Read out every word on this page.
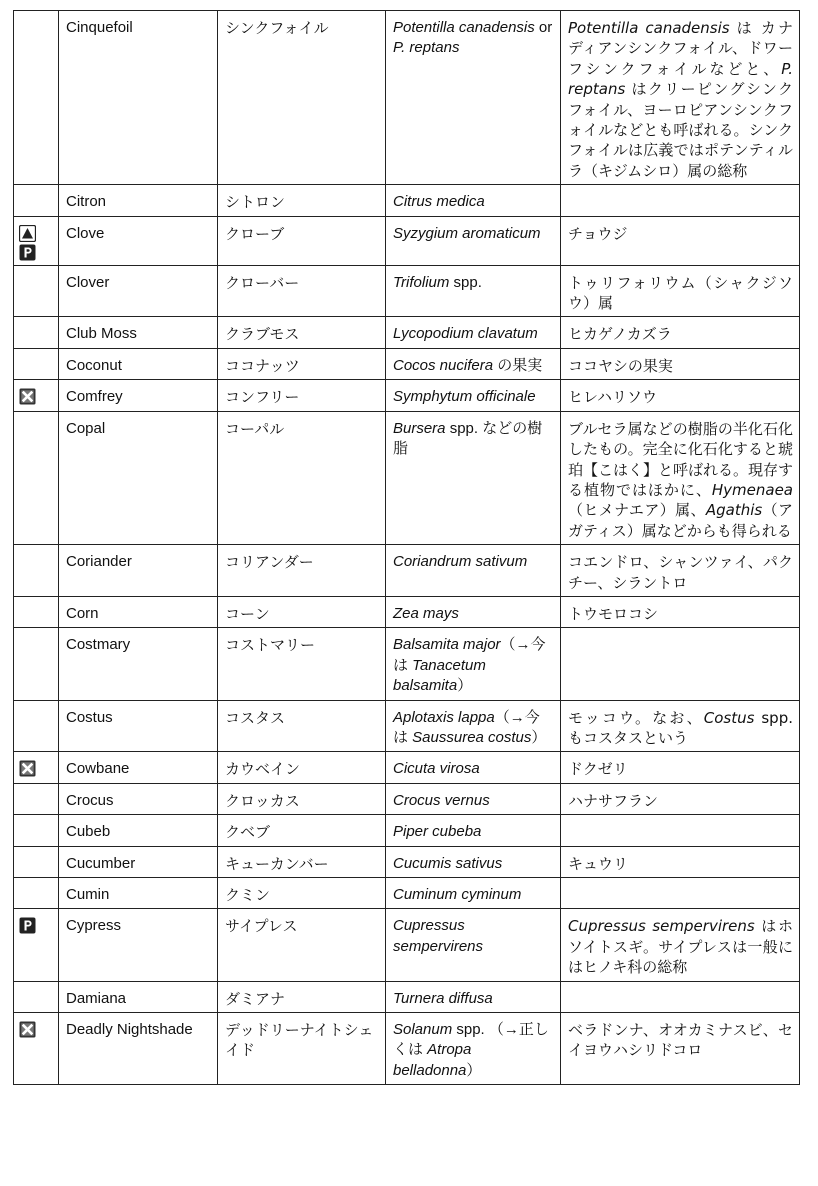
	Cinquefoil	シンクフォイル	Potentilla canadensis or P. reptans	Potentilla canadensis は カナディアンシンクフォイル、ドワーフシンクフォイルなどと、P. reptans はクリーピングシンクフォイル、ヨーロピアンシンクフォイルなどとも呼ばれる。シンクフォイルは広義ではポテンティルラ（キジムシロ）属の総称
	Citron	シトロン	Citrus medica	

	Clove	クローブ	Syzygium aromaticum	チョウジ
	Clover	クローバー	Trifolium spp.	トゥリフォリウム（シャクジソウ）属
	Club Moss	クラブモス	Lycopodium clavatum	ヒカゲノカズラ
	Coconut	ココナッツ	Cocos nucifera の果実	ココヤシの果実

	Comfrey	コンフリー	Symphytum officinale	ヒレハリソウ
	Copal	コーパル	Bursera spp. などの樹脂	ブルセラ属などの樹脂の半化石化したもの。完全に化石化すると琥珀【こはく】と呼ばれる。現存する植物ではほかに、Hymenaea（ヒメナエア）属、Agathis（アガティス）属などからも得られる
	Coriander	コリアンダー	Coriandrum sativum	コエンドロ、シャンツァイ、パクチー、シラントロ
	Corn	コーン	Zea mays	トウモロコシ
	Costmary	コストマリー	Balsamita major（→今は Tanacetum balsamita）	
	Costus	コスタス	Aplotaxis lappa（→今は Saussurea costus）	モッコウ。なお、Costus spp. もコスタスという

	Cowbane	カウベイン	Cicuta virosa	ドクゼリ
	Crocus	クロッカス	Crocus vernus	ハナサフラン
	Cubeb	クベブ	Piper cubeba	
	Cucumber	キューカンバー	Cucumis sativus	キュウリ
	Cumin	クミン	Cuminum cyminum	

	Cypress	サイプレス	Cupressus sempervirens	Cupressus sempervirens はホソイトスギ。サイプレスは一般にはヒノキ科の総称
	Damiana	ダミアナ	Turnera diffusa	

	Deadly Nightshade	デッドリーナイトシェイド	Solanum spp. （→正しくは Atropa belladonna）	ベラドンナ、オオカミナスビ、セイヨウハシリドコロ
